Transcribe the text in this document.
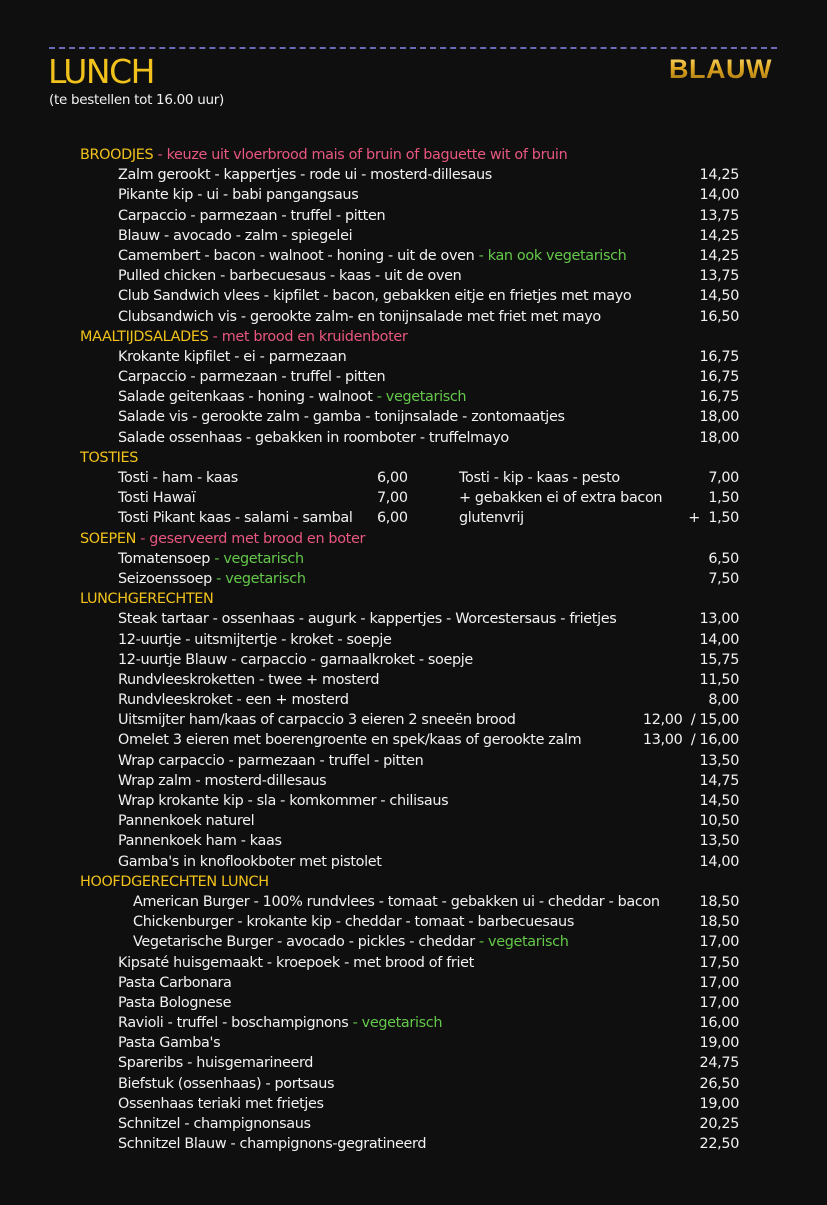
LUNCH
(te bestellen tot 16.00 uur)
BLAUW
BROODJES - keuze uit vloerbrood mais of bruin of baguette wit of bruin
Zalm gerookt - kappertjes - rode ui - mosterd-dillesaus	14,25
Pikante kip - ui - babi pangangsaus	14,00
Carpaccio - parmezaan - truffel - pitten	13,75
Blauw - avocado - zalm - spiegelei	14,25
Camembert - bacon - walnoot - honing - uit de oven - kan ook vegetarisch	14,25
Pulled chicken - barbecuesaus - kaas - uit de oven	13,75
Club Sandwich vlees - kipfilet - bacon, gebakken eitje en frietjes met mayo	14,50
Clubsandwich vis - gerookte zalm- en tonijnsalade met friet met mayo	16,50
MAALTIJDSALADES - met brood en kruidenboter
Krokante kipfilet - ei - parmezaan	16,75
Carpaccio - parmezaan - truffel - pitten	16,75
Salade geitenkaas - honing - walnoot - vegetarisch	16,75
Salade vis - gerookte zalm - gamba - tonijnsalade - zontomaatjes	18,00
Salade ossenhaas - gebakken in roomboter - truffelmayo	18,00
TOSTIES
Tosti - ham - kaas	6,00	Tosti - kip - kaas - pesto	7,00
Tosti Hawaï	7,00	+ gebakken ei of extra bacon	1,50
Tosti Pikant kaas - salami - sambal 6,00	glutenvrij	+  1,50
SOEPEN - geserveerd met brood en boter
Tomatensoep - vegetarisch	6,50
Seizoenssoep - vegetarisch	7,50
LUNCHGERECHTEN
Steak tartaar - ossenhaas - augurk - kappertjes - Worcestersaus - frietjes	13,00
12-uurtje - uitsmijtertje - kroket - soepje	14,00
12-uurtje Blauw - carpaccio - garnaalkroket - soepje	15,75
Rundvleeskroketten - twee + mosterd	11,50
Rundvleeskroket - een + mosterd	8,00
Uitsmijter ham/kaas of carpaccio 3 eieren 2 sneeën brood	12,00  / 15,00
Omelet 3 eieren met boerengroente en spek/kaas of gerookte zalm	13,00  / 16,00
Wrap carpaccio - parmezaan - truffel - pitten	13,50
Wrap zalm - mosterd-dillesaus	14,75
Wrap krokante kip - sla - komkommer - chilisaus	14,50
Pannenkoek naturel	10,50
Pannenkoek ham - kaas	13,50
Gamba's in knoflookboter met pistolet	14,00
HOOFDGERECHTEN LUNCH
American Burger - 100% rundvlees - tomaat - gebakken ui - cheddar - bacon	18,50
Chickenburger - krokante kip - cheddar - tomaat - barbecuesaus	18,50
Vegetarische Burger - avocado - pickles - cheddar - vegetarisch	17,00
Kipsaté huisgemaakt - kroepoek - met brood of friet	17,50
Pasta Carbonara	17,00
Pasta Bolognese	17,00
Ravioli - truffel - boschampignons - vegetarisch	16,00
Pasta Gamba's	19,00
Spareribs - huisgemarineerd	24,75
Biefstuk (ossenhaas) - portsaus	26,50
Ossenhaas teriaki met frietjes	19,00
Schnitzel - champignonsaus	20,25
Schnitzel Blauw - champignons-gegratineerd	22,50
